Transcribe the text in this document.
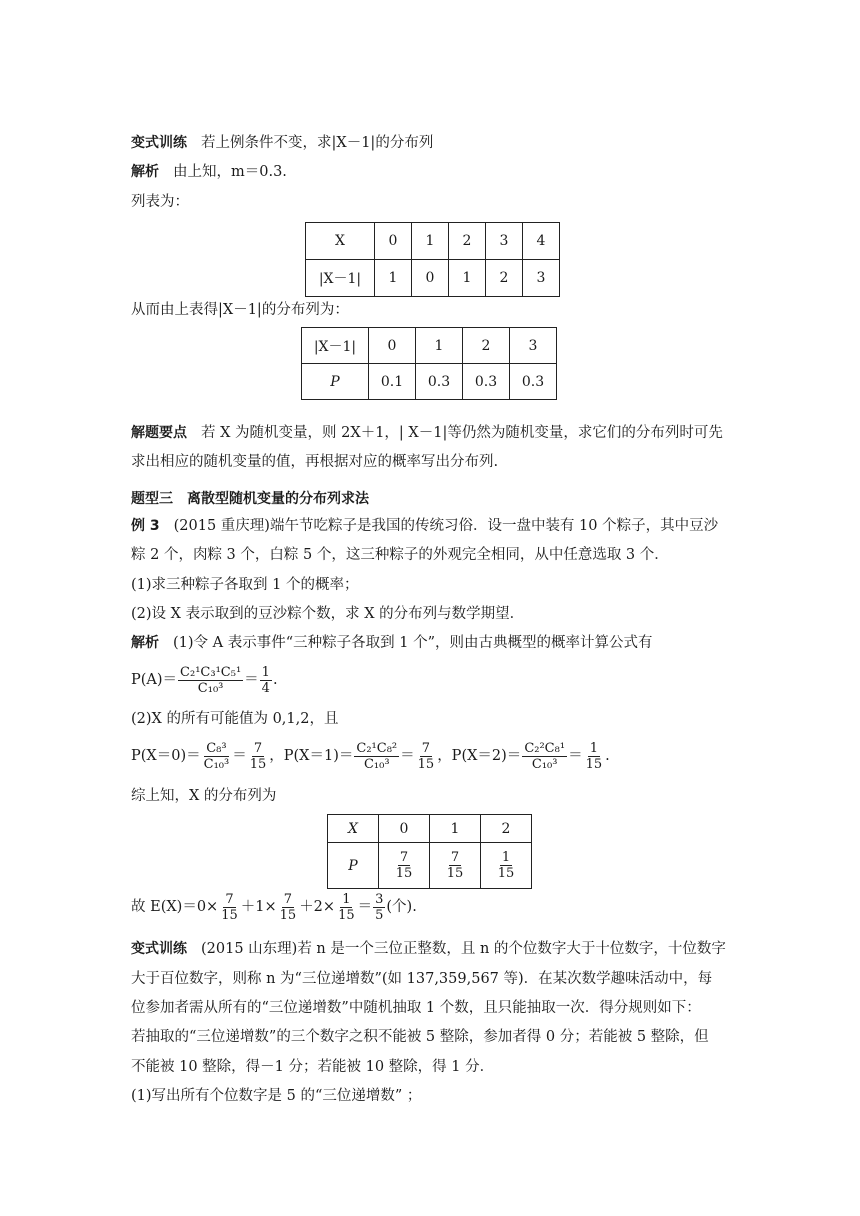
变式训练 若上例条件不变，求|X－1|的分布列
解析 由上知，m＝0.3.
列表为：
X	0	1	2	3	4
|X－1|	1	0	1	2	3
从而由上表得|X－1|的分布列为：
|X－1|	0	1	2	3
P	0.1	0.3	0.3	0.3
解题要点 若 X 为随机变量，则 2X＋1，| X－1|等仍然为随机变量，求它们的分布列时可先
求出相应的随机变量的值，再根据对应的概率写出分布列.
题型三　离散型随机变量的分布列求法
例 3 (2015 重庆理)端午节吃粽子是我国的传统习俗．设一盘中装有 10 个粽子，其中豆沙
粽 2 个，肉粽 3 个，白粽 5 个，这三种粽子的外观完全相同，从中任意选取 3 个．
(1)求三种粽子各取到 1 个的概率；
(2)设 X 表示取到的豆沙粽个数，求 X 的分布列与数学期望．
解析 (1)令 A 表示事件“三种粽子各取到 1 个”，则由古典概型的概率计算公式有
$P(A)= \frac{\text{C₂¹C₃¹C₅¹}}{\text{C₁₀³}} = \frac{1}{4}$ .
(2)X 的所有可能值为 0,1,2，且
$P(X=0)= \frac{\text{C₈³}}{\text{C₁₀³}} = \frac{7}{15}$ ，$P(X=1)= \frac{\text{C₂¹C₈²}}{\text{C₁₀³}} = \frac{7}{15}$ ，$P(X=2)= \frac{\text{C₂²C₈¹}}{\text{C₁₀³}} = \frac{1}{15}$ .
综上知，X 的分布列为
X	0	1	2
P	$\frac{7}{15}$	$\frac{7}{15}$	$\frac{1}{15}$
故 $E(X)=0\times \frac{7}{15} +1\times \frac{7}{15} +2\times \frac{1}{15} = \frac{3}{5}$ (个).
变式训练 (2015 山东理)若 n 是一个三位正整数，且 n 的个位数字大于十位数字，十位数字
大于百位数字，则称 n 为“三位递增数”(如 137,359,567 等)．在某次数学趣味活动中，每
位参加者需从所有的“三位递增数”中随机抽取 1 个数，且只能抽取一次．得分规则如下：
若抽取的“三位递增数”的三个数字之积不能被 5 整除，参加者得 0 分；若能被 5 整除，但
不能被 10 整除，得－1 分；若能被 10 整除，得 1 分．
(1)写出所有个位数字是 5 的“三位递增数” ；
